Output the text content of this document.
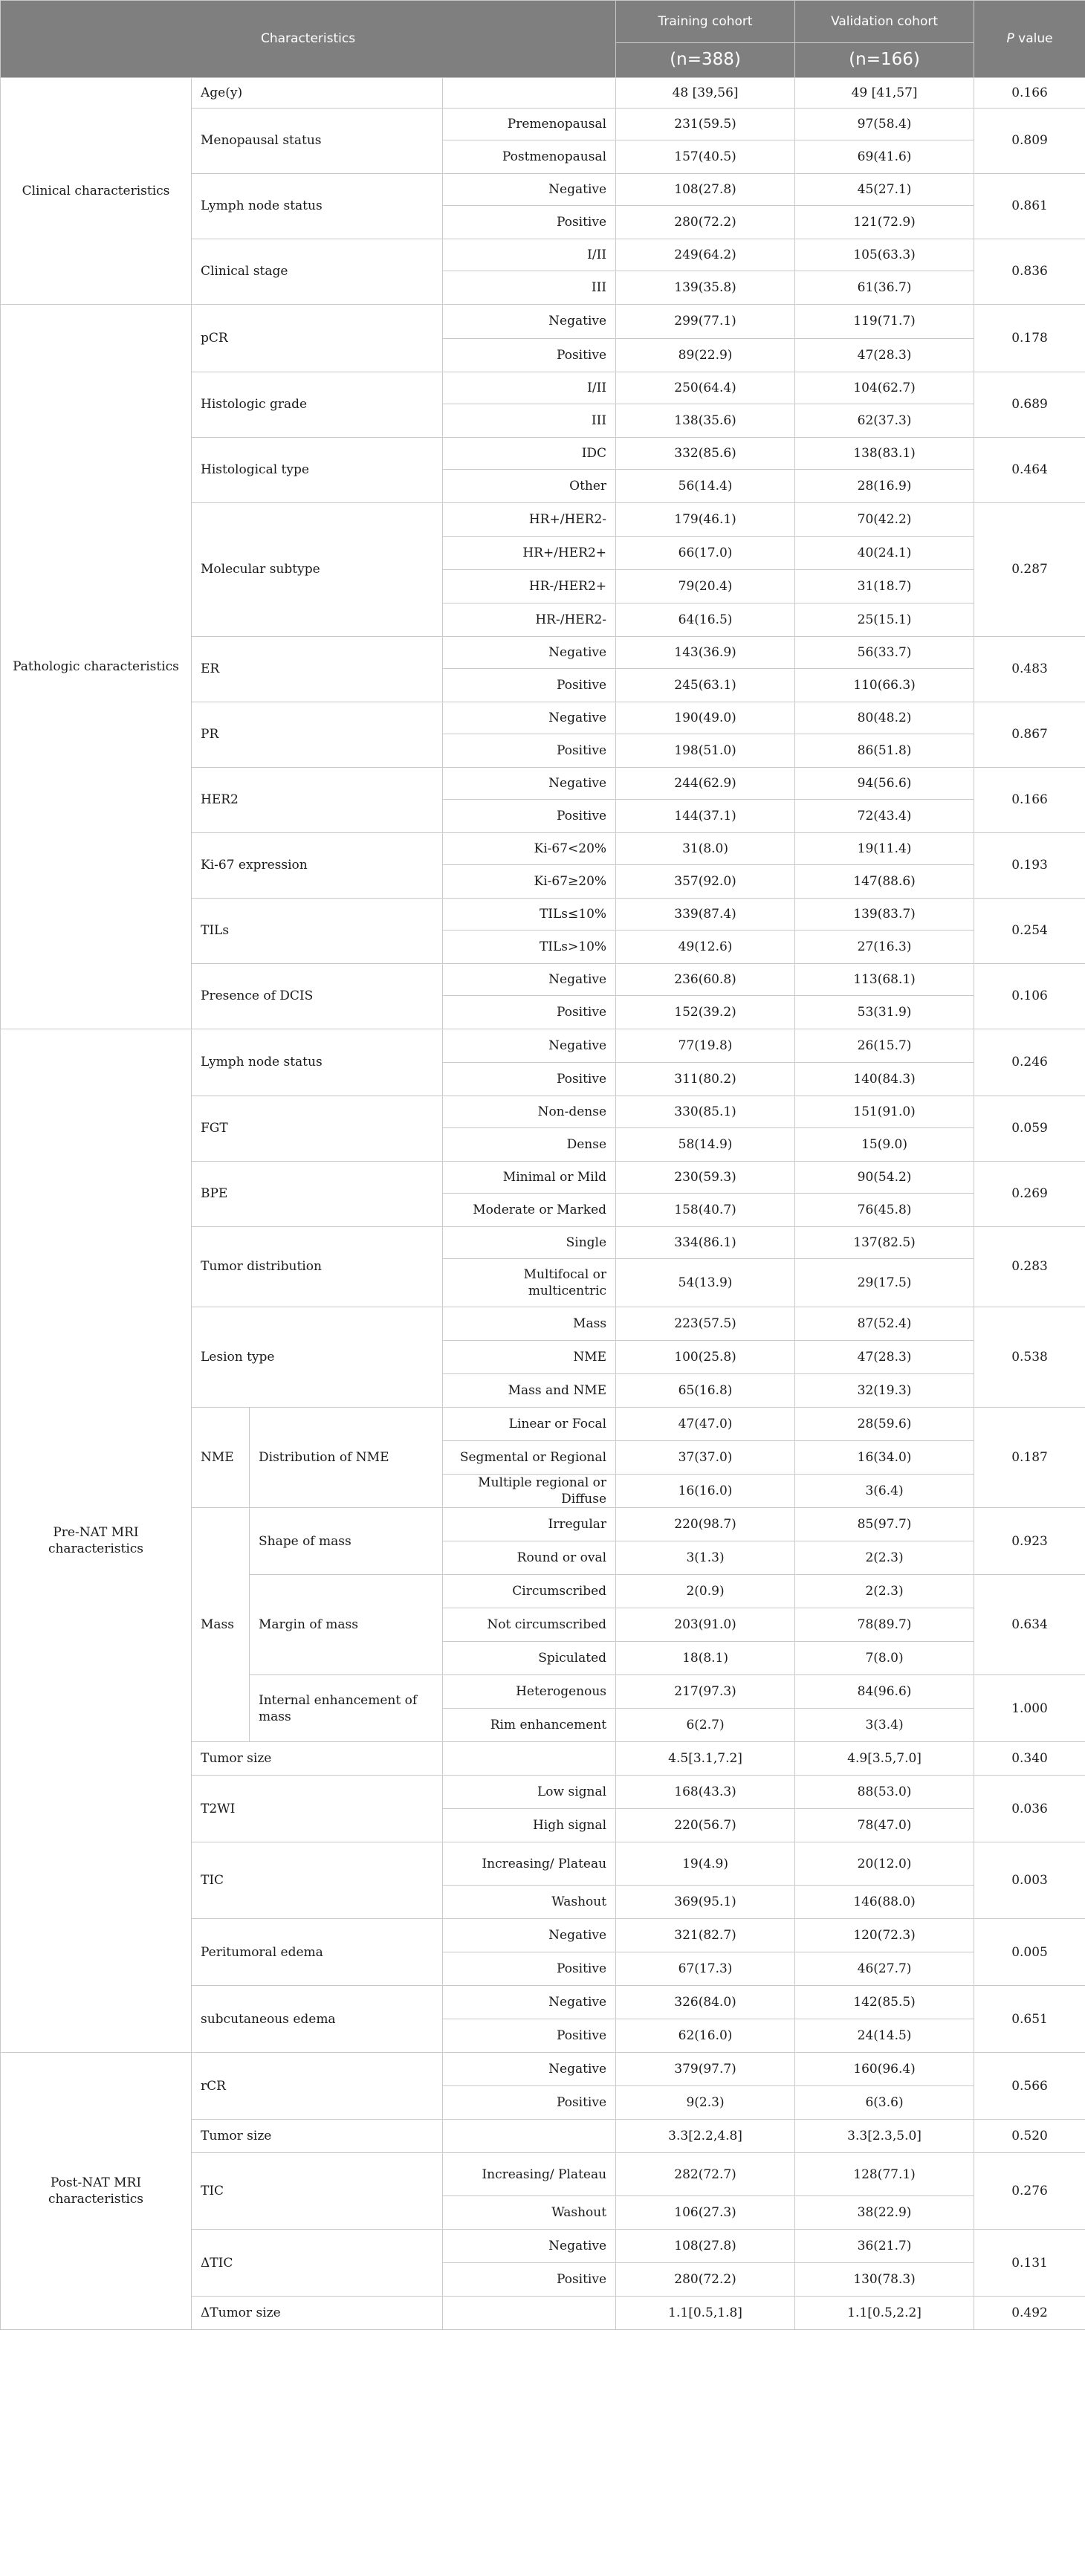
Characteristics				Training cohort	Validation cohort	P value
				(n=388)	(n=166)	
Clinical characteristics	Age(y)			48 [39,56]	49 [41,57]	0.166
	Menopausal status		Premenopausal	231(59.5)	97(58.4)	0.809
			Postmenopausal	157(40.5)	69(41.6)	
	Lymph node status		Negative	108(27.8)	45(27.1)	0.861
			Positive	280(72.2)	121(72.9)	
	Clinical stage		I/II	249(64.2)	105(63.3)	0.836
			III	139(35.8)	61(36.7)	
Pathologic characteristics	pCR		Negative	299(77.1)	119(71.7)	0.178
			Positive	89(22.9)	47(28.3)	
	Histologic grade		I/II	250(64.4)	104(62.7)	0.689
			III	138(35.6)	62(37.3)	
	Histological type		IDC	332(85.6)	138(83.1)	0.464
			Other	56(14.4)	28(16.9)	
	Molecular subtype		HR+/HER2-	179(46.1)	70(42.2)	0.287
			HR+/HER2+	66(17.0)	40(24.1)	
			HR-/HER2+	79(20.4)	31(18.7)	
			HR-/HER2-	64(16.5)	25(15.1)	
	ER		Negative	143(36.9)	56(33.7)	0.483
			Positive	245(63.1)	110(66.3)	
	PR		Negative	190(49.0)	80(48.2)	0.867
			Positive	198(51.0)	86(51.8)	
	HER2		Negative	244(62.9)	94(56.6)	0.166
			Positive	144(37.1)	72(43.4)	
	Ki-67 expression		Ki-67<20%	31(8.0)	19(11.4)	0.193
			Ki-67≥20%	357(92.0)	147(88.6)	
	TILs		TILs≤10%	339(87.4)	139(83.7)	0.254
			TILs>10%	49(12.6)	27(16.3)	
	Presence of DCIS		Negative	236(60.8)	113(68.1)	0.106
			Positive	152(39.2)	53(31.9)	
Pre-NAT MRI characteristics	Lymph node status		Negative	77(19.8)	26(15.7)	0.246
			Positive	311(80.2)	140(84.3)	
	FGT		Non-dense	330(85.1)	151(91.0)	0.059
			Dense	58(14.9)	15(9.0)	
	BPE		Minimal or Mild	230(59.3)	90(54.2)	0.269
			Moderate or Marked	158(40.7)	76(45.8)	
	Tumor distribution		Single	334(86.1)	137(82.5)	0.283
			Multifocal or multicentric	54(13.9)	29(17.5)	
	Lesion type		Mass	223(57.5)	87(52.4)	0.538
			NME	100(25.8)	47(28.3)	
			Mass and NME	65(16.8)	32(19.3)	
	NME	Distribution of NME	Linear or Focal	47(47.0)	28(59.6)	0.187
			Segmental or Regional	37(37.0)	16(34.0)	
			Multiple regional or Diffuse	16(16.0)	3(6.4)	
	Mass	Shape of mass	Irregular	220(98.7)	85(97.7)	0.923
			Round or oval	3(1.3)	2(2.3)	
		Margin of mass	Circumscribed	2(0.9)	2(2.3)	0.634
			Not circumscribed	203(91.0)	78(89.7)	
			Spiculated	18(8.1)	7(8.0)	
		Internal enhancement of mass	Heterogenous	217(97.3)	84(96.6)	1.000
			Rim enhancement	6(2.7)	3(3.4)	
	Tumor size			4.5[3.1,7.2]	4.9[3.5,7.0]	0.340
	T2WI		Low signal	168(43.3)	88(53.0)	0.036
			High signal	220(56.7)	78(47.0)	
	TIC		Increasing/ Plateau	19(4.9)	20(12.0)	0.003
			Washout	369(95.1)	146(88.0)	
	Peritumoral edema		Negative	321(82.7)	120(72.3)	0.005
			Positive	67(17.3)	46(27.7)	
	subcutaneous edema		Negative	326(84.0)	142(85.5)	0.651
			Positive	62(16.0)	24(14.5)	
Post-NAT MRI characteristics	rCR		Negative	379(97.7)	160(96.4)	0.566
			Positive	9(2.3)	6(3.6)	
	Tumor size			3.3[2.2,4.8]	3.3[2.3,5.0]	0.520
	TIC		Increasing/ Plateau	282(72.7)	128(77.1)	0.276
			Washout	106(27.3)	38(22.9)	
	ΔTIC		Negative	108(27.8)	36(21.7)	0.131
			Positive	280(72.2)	130(78.3)	
	ΔTumor size			1.1[0.5,1.8]	1.1[0.5,2.2]	0.492
